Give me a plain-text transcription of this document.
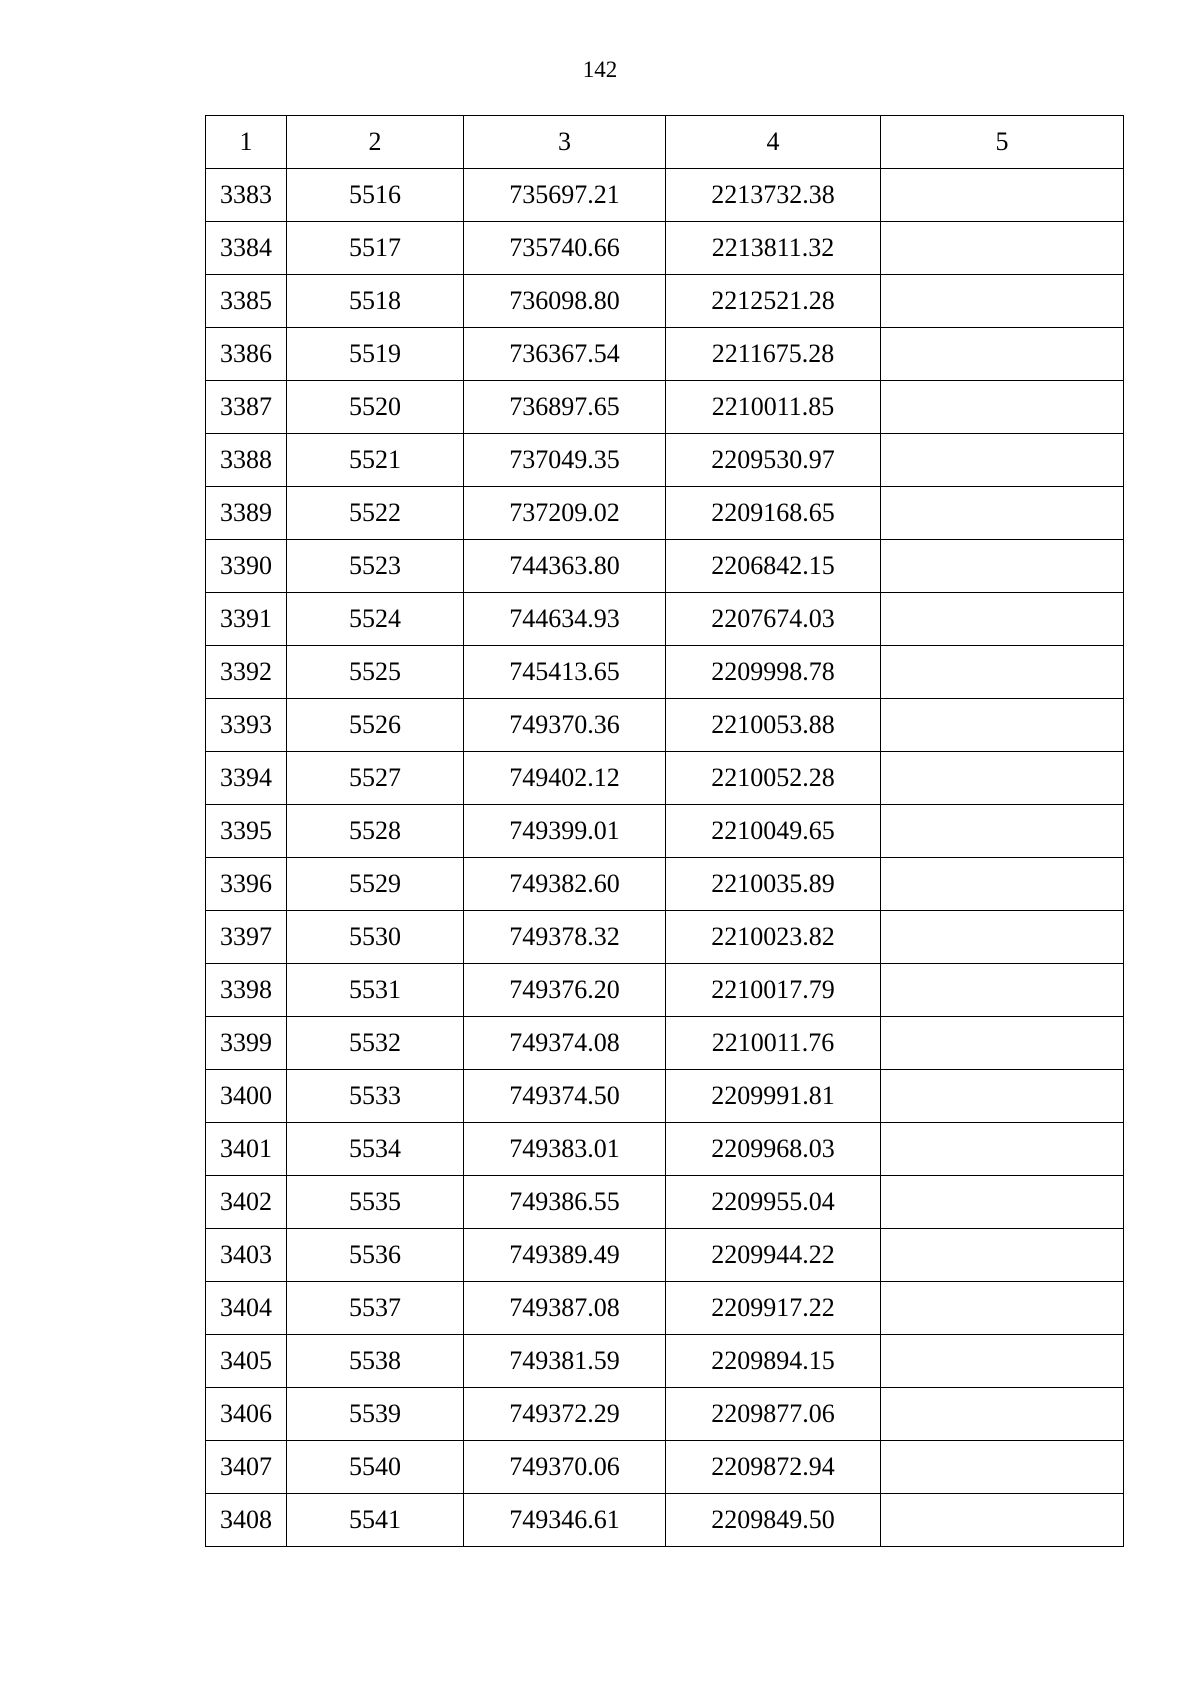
142
1	2	3	4	5
3383	5516	735697.21	2213732.38	
3384	5517	735740.66	2213811.32	
3385	5518	736098.80	2212521.28	
3386	5519	736367.54	2211675.28	
3387	5520	736897.65	2210011.85	
3388	5521	737049.35	2209530.97	
3389	5522	737209.02	2209168.65	
3390	5523	744363.80	2206842.15	
3391	5524	744634.93	2207674.03	
3392	5525	745413.65	2209998.78	
3393	5526	749370.36	2210053.88	
3394	5527	749402.12	2210052.28	
3395	5528	749399.01	2210049.65	
3396	5529	749382.60	2210035.89	
3397	5530	749378.32	2210023.82	
3398	5531	749376.20	2210017.79	
3399	5532	749374.08	2210011.76	
3400	5533	749374.50	2209991.81	
3401	5534	749383.01	2209968.03	
3402	5535	749386.55	2209955.04	
3403	5536	749389.49	2209944.22	
3404	5537	749387.08	2209917.22	
3405	5538	749381.59	2209894.15	
3406	5539	749372.29	2209877.06	
3407	5540	749370.06	2209872.94	
3408	5541	749346.61	2209849.50	
